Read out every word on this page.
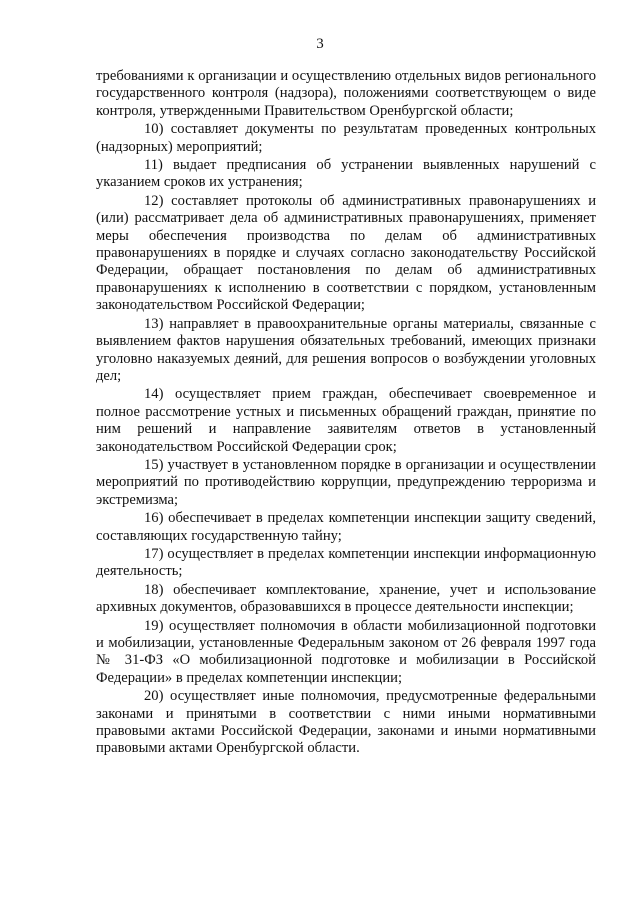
3

требованиями к организации и осуществлению отдельных видов регионального государственного контроля (надзора), положениями соответствующем о виде контроля, утвержденными Правительством Оренбургской области;

10) составляет документы по результатам проведенных контрольных (надзорных) мероприятий;

11) выдает предписания об устранении выявленных нарушений с указанием сроков их устранения;

12) составляет протоколы об административных правонарушениях и (или) рассматривает дела об административных правонарушениях, применяет меры обеспечения производства по делам об административных правонарушениях в порядке и случаях согласно законодательству Российской Федерации, обращает постановления по делам об административных правонарушениях к исполнению в соответствии с порядком, установленным законодательством Российской Федерации;

13) направляет в правоохранительные органы материалы, связанные с выявлением фактов нарушения обязательных требований, имеющих признаки уголовно наказуемых деяний, для решения вопросов о возбуждении уголовных дел;

14) осуществляет прием граждан, обеспечивает своевременное и полное рассмотрение устных и письменных обращений граждан, принятие по ним решений и направление заявителям ответов в установленный законодательством Российской Федерации срок;

15) участвует в установленном порядке в организации и осуществлении мероприятий по противодействию коррупции, предупреждению терроризма и экстремизма;

16) обеспечивает в пределах компетенции инспекции защиту сведений, составляющих государственную тайну;

17) осуществляет в пределах компетенции инспекции информационную деятельность;

18) обеспечивает комплектование, хранение, учет и использование архивных документов, образовавшихся в процессе деятельности инспекции;

19) осуществляет полномочия в области мобилизационной подготовки и мобилизации, установленные Федеральным законом от 26 февраля 1997 года № 31-ФЗ «О мобилизационной подготовке и мобилизации в Российской Федерации» в пределах компетенции инспекции;

20) осуществляет иные полномочия, предусмотренные федеральными законами и принятыми в соответствии с ними иными нормативными правовыми актами Российской Федерации, законами и иными нормативными правовыми актами Оренбургской области.
